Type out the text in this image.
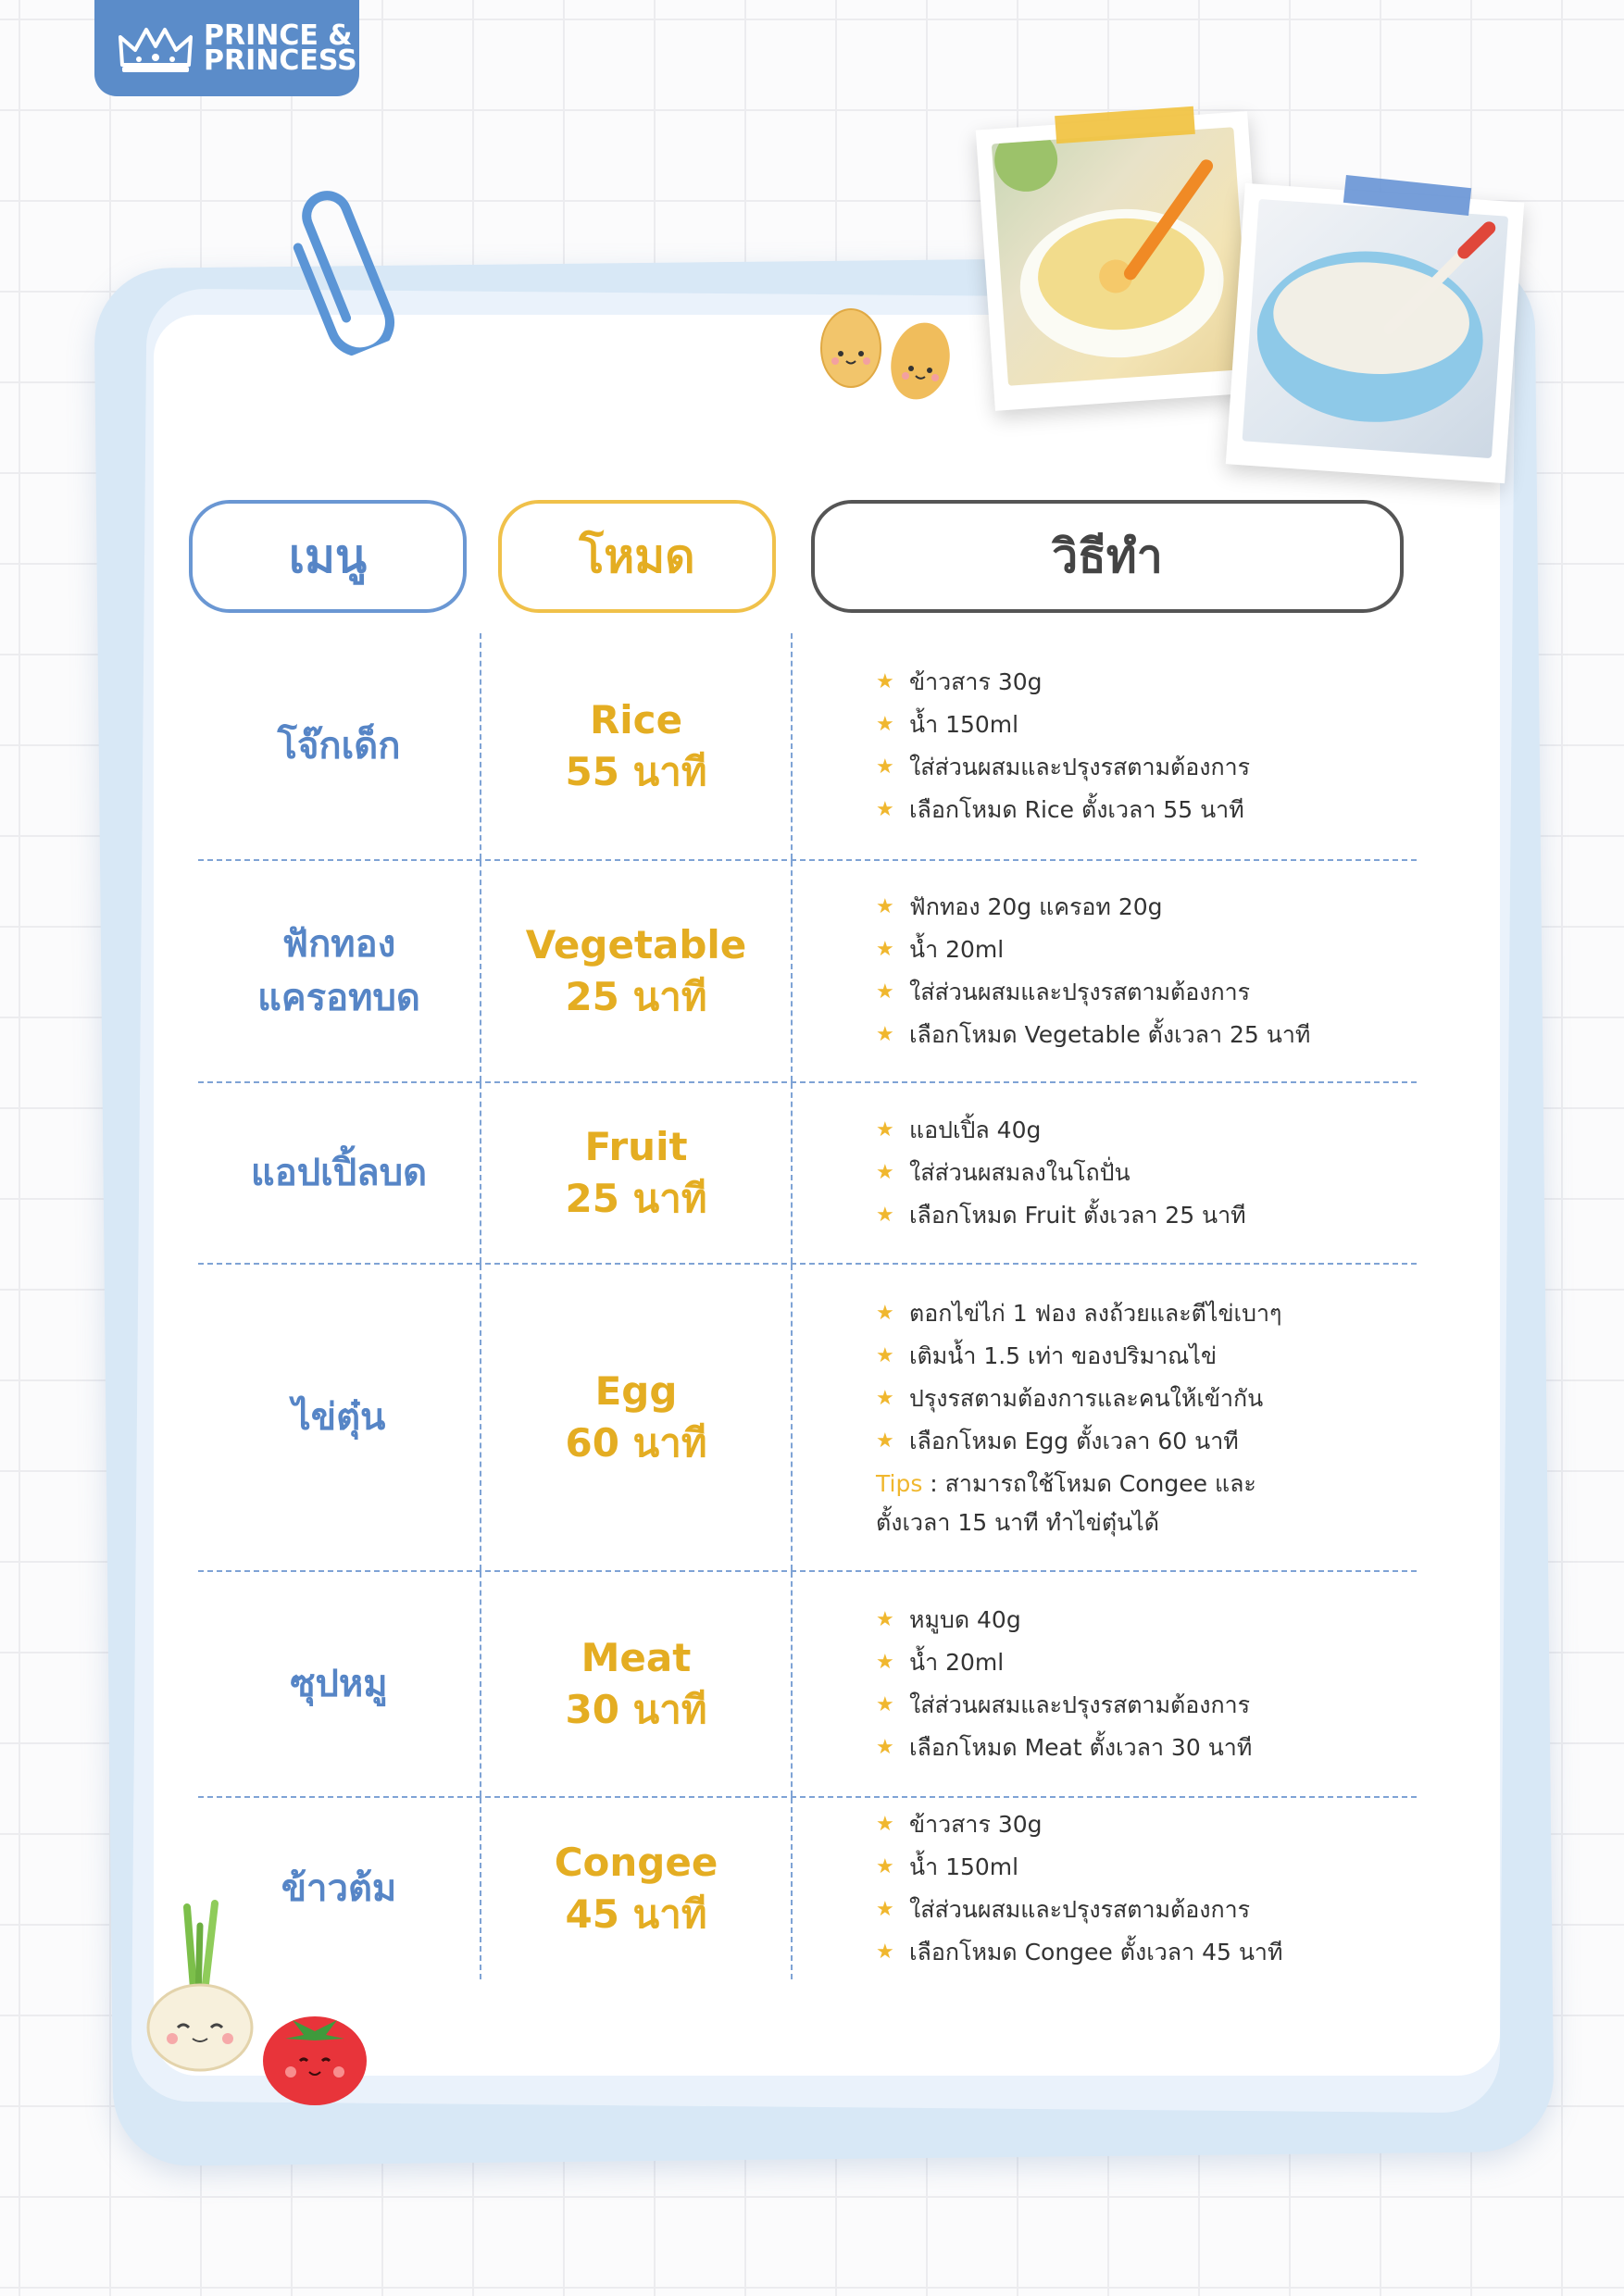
PRINCE &
PRINCESS
เมนู	โหมด	วิธีทำ
โจ๊กเด็ก
Rice
55 นาที
★ ข้าวสาร 30g
★ น้ำ 150ml
★ ใส่ส่วนผสมและปรุงรสตามต้องการ
★ เลือกโหมด Rice ตั้งเวลา 55 นาที
ฟักทอง
แครอทบด
Vegetable
25 นาที
★ ฟักทอง 20g แครอท 20g
★ น้ำ 20ml
★ ใส่ส่วนผสมและปรุงรสตามต้องการ
★ เลือกโหมด Vegetable ตั้งเวลา 25 นาที
แอปเปิ้ลบด
Fruit
25 นาที
★ แอปเปิ้ล 40g
★ ใส่ส่วนผสมลงในโถปั่น
★ เลือกโหมด Fruit ตั้งเวลา 25 นาที
ไข่ตุ๋น
Egg
60 นาที
★ ตอกไข่ไก่ 1 ฟอง ลงถ้วยและตีไข่เบาๆ
★ เติมน้ำ 1.5 เท่า ของปริมาณไข่
★ ปรุงรสตามต้องการและคนให้เข้ากัน
★ เลือกโหมด Egg ตั้งเวลา 60 นาที
Tips : สามารถใช้โหมด Congee และ
ตั้งเวลา 15 นาที ทำไข่ตุ๋นได้
ซุปหมู
Meat
30 นาที
★ หมูบด 40g
★ น้ำ 20ml
★ ใส่ส่วนผสมและปรุงรสตามต้องการ
★ เลือกโหมด Meat ตั้งเวลา 30 นาที
ข้าวต้ม
Congee
45 นาที
★ ข้าวสาร 30g
★ น้ำ 150ml
★ ใส่ส่วนผสมและปรุงรสตามต้องการ
★ เลือกโหมด Congee ตั้งเวลา 45 นาที
